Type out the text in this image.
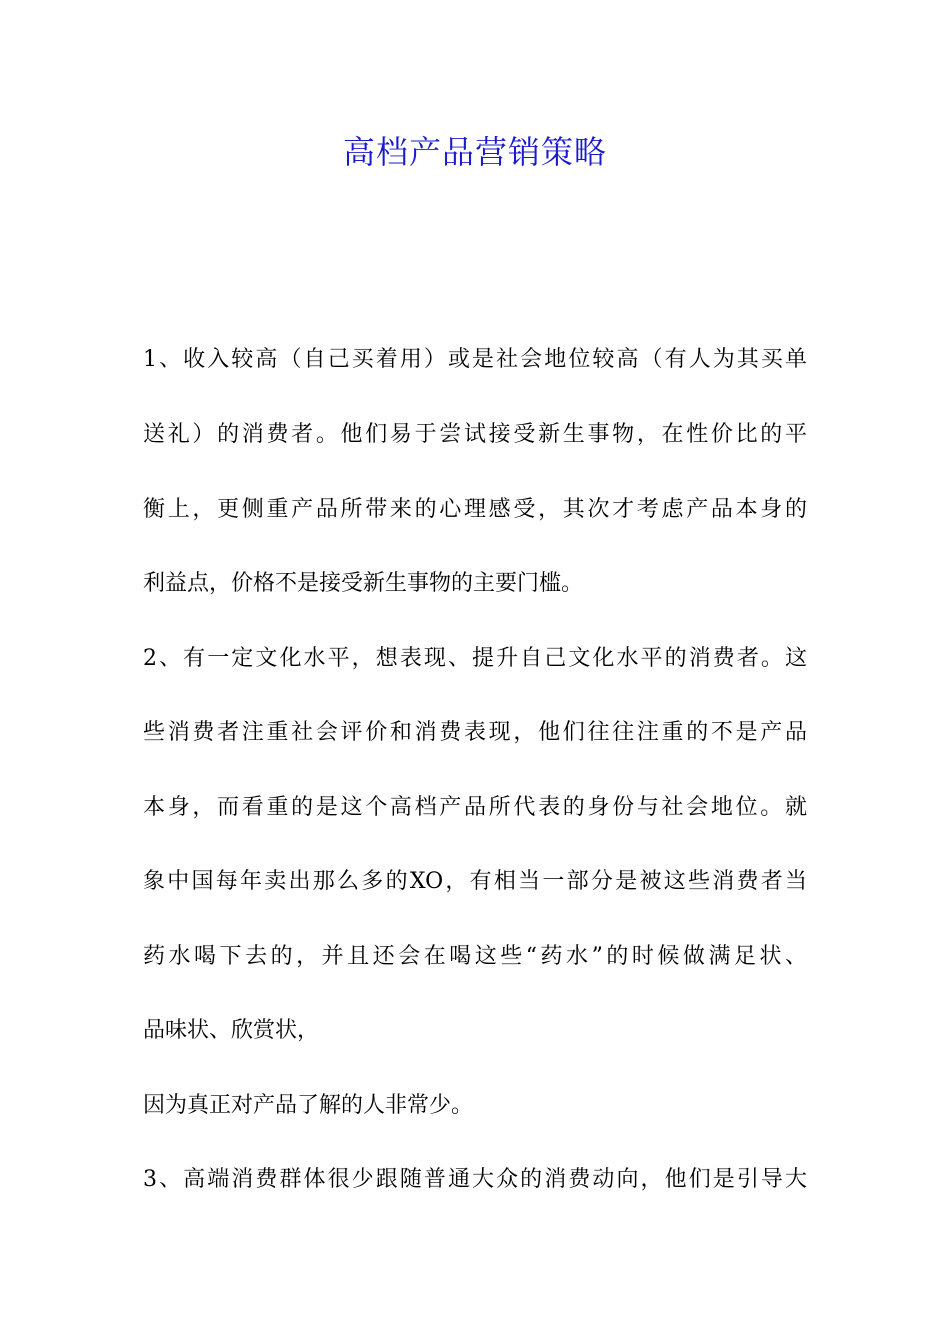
高档产品营销策略
1、收入较高（自己买着用）或是社会地位较高（有人为其买单
送礼）的消费者。他们易于尝试接受新生事物，在性价比的平
衡上，更侧重产品所带来的心理感受，其次才考虑产品本身的
利益点，价格不是接受新生事物的主要门槛。
2、有一定文化水平，想表现、提升自己文化水平的消费者。这
些消费者注重社会评价和消费表现，他们往往注重的不是产品
本身，而看重的是这个高档产品所代表的身份与社会地位。就
象中国每年卖出那么多的XO，有相当一部分是被这些消费者当
药水喝下去的，并且还会在喝这些“药水”的时候做满足状、
品味状、欣赏状，
因为真正对产品了解的人非常少。
3、高端消费群体很少跟随普通大众的消费动向，他们是引导大
